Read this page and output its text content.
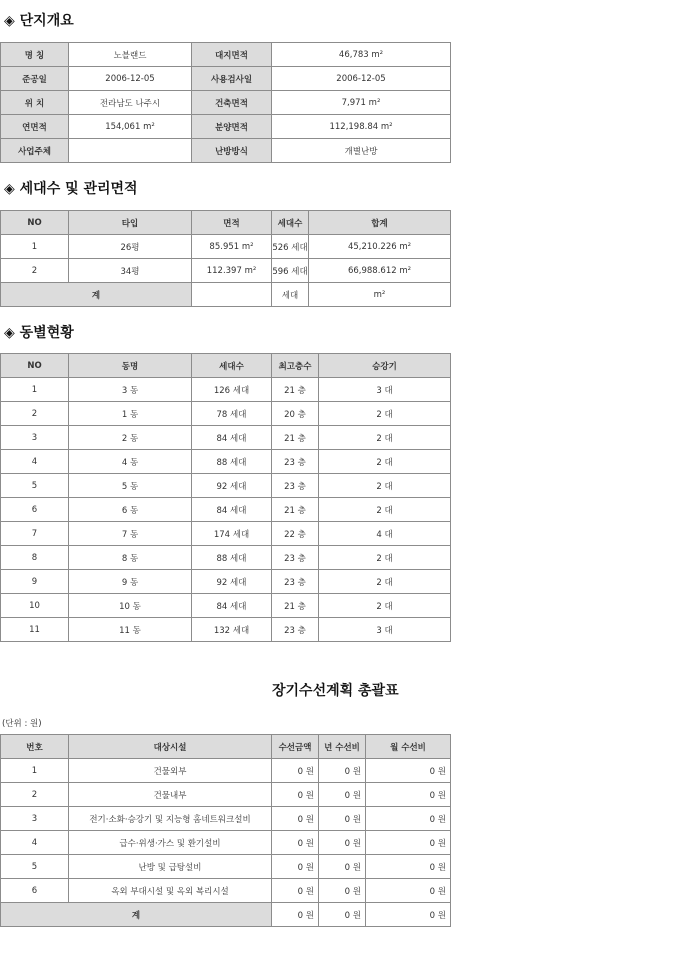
◈ 단지개요
명 칭	노블랜드	대지면적	46,783 m²
준공일	2006-12-05	사용검사일	2006-12-05
위 치	전라남도 나주시	건축면적	7,971 m²
연면적	154,061 m²	분양면적	112,198.84 m²
사업주체		난방방식	개별난방
◈ 세대수 및 관리면적
NO	타입	면적	세대수	합계
1	26평	85.951 m²	526 세대	45,210.226 m²
2	34평	112.397 m²	596 세대	66,988.612 m²
계			세대	m²
◈ 동별현황
NO	동명	세대수	최고층수	승강기
1	3 동	126 세대	21 층	3 대
2	1 동	78 세대	20 층	2 대
3	2 동	84 세대	21 층	2 대
4	4 동	88 세대	23 층	2 대
5	5 동	92 세대	23 층	2 대
6	6 동	84 세대	21 층	2 대
7	7 동	174 세대	22 층	4 대
8	8 동	88 세대	23 층	2 대
9	9 동	92 세대	23 층	2 대
10	10 동	84 세대	21 층	2 대
11	11 동	132 세대	23 층	3 대
장기수선계획 총괄표
(단위 : 원)
번호	대상시설	수선금액	년 수선비	월 수선비
1	건물외부	0 원	0 원	0 원
2	건물내부	0 원	0 원	0 원
3	전기·소화·승강기 및 지능형 홈네트워크설비	0 원	0 원	0 원
4	급수·위생·가스 및 환기설비	0 원	0 원	0 원
5	난방 및 급탕설비	0 원	0 원	0 원
6	옥외 부대시설 및 옥외 복리시설	0 원	0 원	0 원
계		0 원	0 원	0 원
